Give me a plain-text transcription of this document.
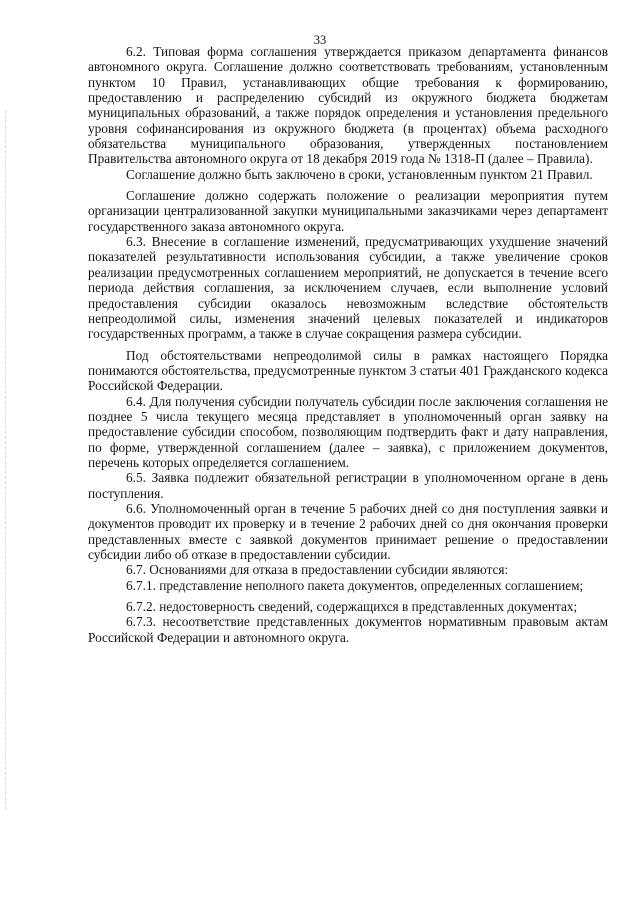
33

6.2. Типовая форма соглашения утверждается приказом департамента финансов автономного округа. Соглашение должно соответствовать требованиям, установленным пунктом 10 Правил, устанавливающих общие требования к формированию, предоставлению и распределению субсидий из окружного бюджета бюджетам муниципальных образований, а также порядок определения и установления предельного уровня софинансирования из окружного бюджета (в процентах) объема расходного обязательства муниципального образования, утвержденных постановлением Правительства автономного округа от 18 декабря 2019 года № 1318-П (далее – Правила).

Соглашение должно быть заключено в сроки, установленным пунктом 21 Правил.

Соглашение должно содержать положение о реализации мероприятия путем организации централизованной закупки муниципальными заказчиками через департамент государственного заказа автономного округа.

6.3. Внесение в соглашение изменений, предусматривающих ухудшение значений показателей результативности использования субсидии, а также увеличение сроков реализации предусмотренных соглашением мероприятий, не допускается в течение всего периода действия соглашения, за исключением случаев, если выполнение условий предоставления субсидии оказалось невозможным вследствие обстоятельств непреодолимой силы, изменения значений целевых показателей и индикаторов государственных программ, а также в случае сокращения размера субсидии.

Под обстоятельствами непреодолимой силы в рамках настоящего Порядка понимаются обстоятельства, предусмотренные пунктом 3 статьи 401 Гражданского кодекса Российской Федерации.

6.4. Для получения субсидии получатель субсидии после заключения соглашения не позднее 5 числа текущего месяца представляет в уполномоченный орган заявку на предоставление субсидии способом, позволяющим подтвердить факт и дату направления, по форме, утвержденной соглашением (далее – заявка), с приложением документов, перечень которых определяется соглашением.

6.5. Заявка подлежит обязательной регистрации в уполномоченном органе в день поступления.

6.6. Уполномоченный орган в течение 5 рабочих дней со дня поступления заявки и документов проводит их проверку и в течение 2 рабочих дней со дня окончания проверки представленных вместе с заявкой документов принимает решение о предоставлении субсидии либо об отказе в предоставлении субсидии.

6.7. Основаниями для отказа в предоставлении субсидии являются:

6.7.1. представление неполного пакета документов, определенных соглашением;

6.7.2. недостоверность сведений, содержащихся в представленных документах;

6.7.3. несоответствие представленных документов нормативным правовым актам Российской Федерации и автономного округа.
